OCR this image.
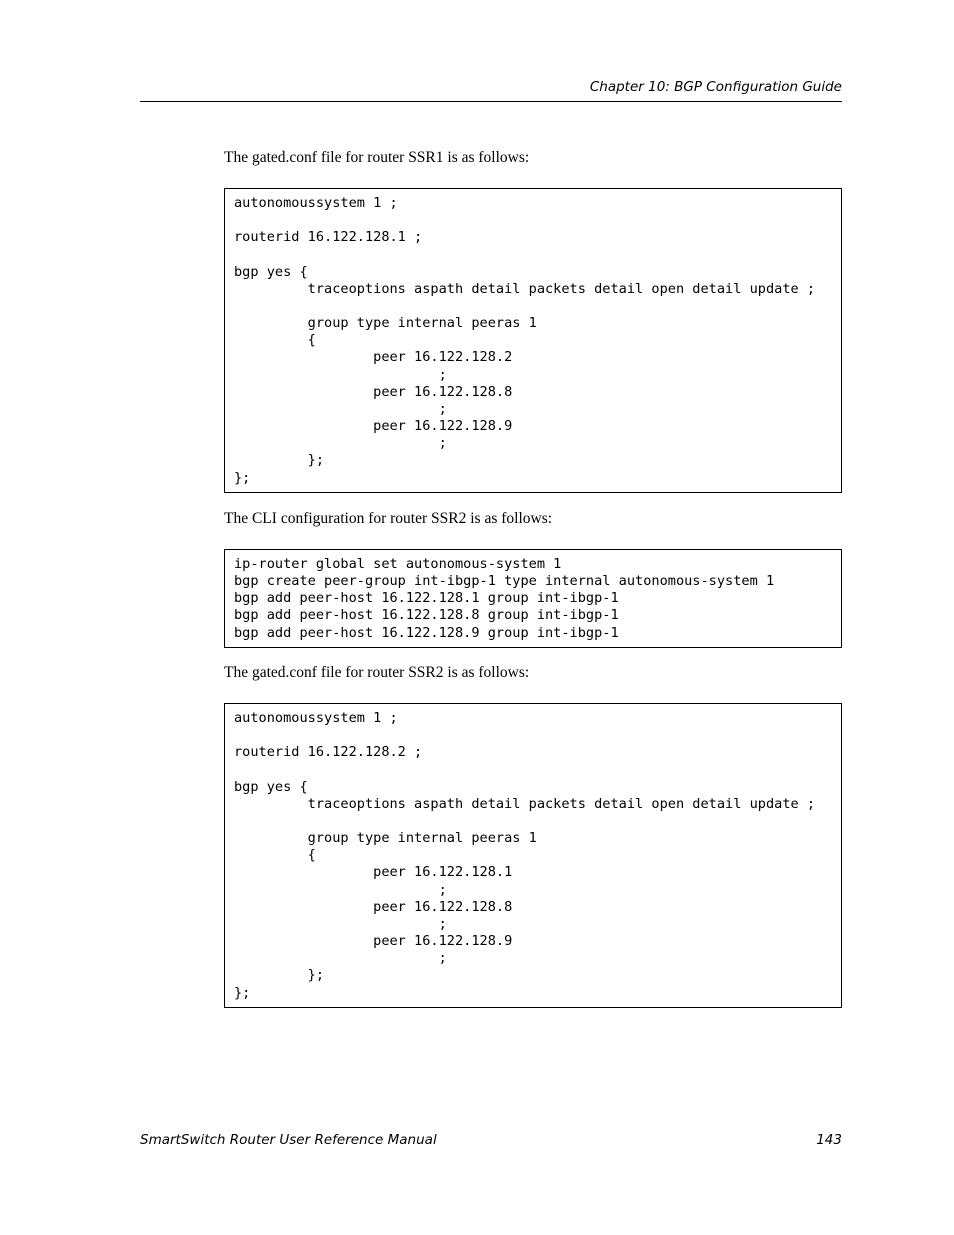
Chapter 10: BGP Configuration Guide
The gated.conf file for router SSR1 is as follows:
autonomoussystem 1 ;

routerid 16.122.128.1 ;

bgp yes {
traceoptions aspath detail packets detail open detail update ;

group type internal peeras 1
{
peer 16.122.128.2
;
peer 16.122.128.8
;
peer 16.122.128.9
;
};
};
The CLI configuration for router SSR2 is as follows:
ip-router global set autonomous-system 1
bgp create peer-group int-ibgp-1 type internal autonomous-system 1
bgp add peer-host 16.122.128.1 group int-ibgp-1
bgp add peer-host 16.122.128.8 group int-ibgp-1
bgp add peer-host 16.122.128.9 group int-ibgp-1
The gated.conf file for router SSR2 is as follows:
autonomoussystem 1 ;

routerid 16.122.128.2 ;

bgp yes {
traceoptions aspath detail packets detail open detail update ;

group type internal peeras 1
{
peer 16.122.128.1
;
peer 16.122.128.8
;
peer 16.122.128.9
;
};
};
SmartSwitch Router User Reference Manual	143
